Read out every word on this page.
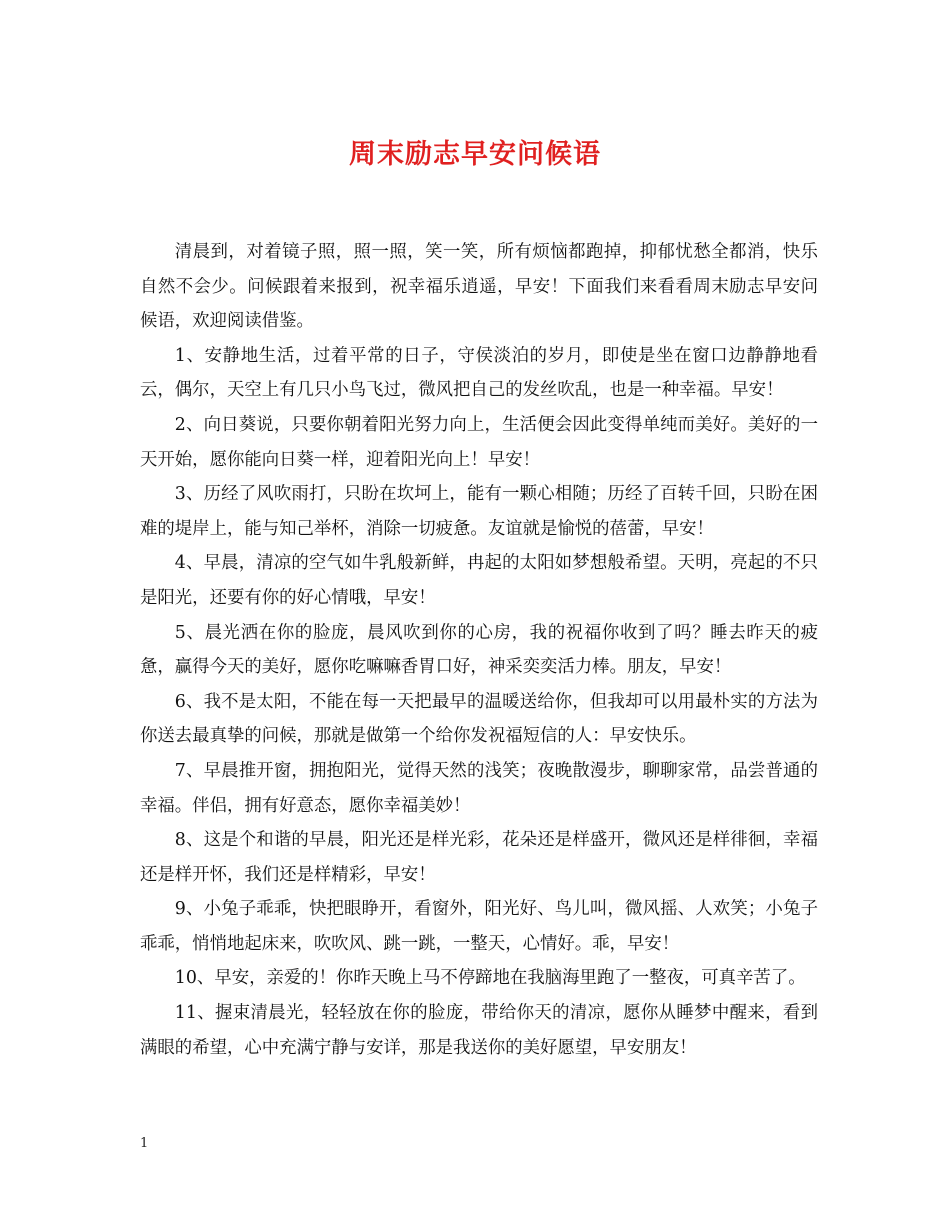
周末励志早安问候语

清晨到，对着镜子照，照一照，笑一笑，所有烦恼都跑掉，抑郁忧愁全都消，快乐自然不会少。问候跟着来报到，祝幸福乐逍遥，早安！下面我们来看看周末励志早安问候语，欢迎阅读借鉴。

1、安静地生活，过着平常的日子，守侯淡泊的岁月，即使是坐在窗口边静静地看云，偶尔，天空上有几只小鸟飞过，微风把自己的发丝吹乱，也是一种幸福。早安！

2、向日葵说，只要你朝着阳光努力向上，生活便会因此变得单纯而美好。美好的一天开始，愿你能向日葵一样，迎着阳光向上！早安！

3、历经了风吹雨打，只盼在坎坷上，能有一颗心相随；历经了百转千回，只盼在困难的堤岸上，能与知己举杯，消除一切疲惫。友谊就是愉悦的蓓蕾，早安！

4、早晨，清凉的空气如牛乳般新鲜，冉起的太阳如梦想般希望。天明，亮起的不只是阳光，还要有你的好心情哦，早安！

5、晨光洒在你的脸庞，晨风吹到你的心房，我的祝福你收到了吗？睡去昨天的疲惫，赢得今天的美好，愿你吃嘛嘛香胃口好，神采奕奕活力棒。朋友，早安！

6、我不是太阳，不能在每一天把最早的温暖送给你，但我却可以用最朴实的方法为你送去最真挚的问候，那就是做第一个给你发祝福短信的人：早安快乐。

7、早晨推开窗，拥抱阳光，觉得天然的浅笑；夜晚散漫步，聊聊家常，品尝普通的幸福。伴侣，拥有好意态，愿你幸福美妙！

8、这是个和谐的早晨，阳光还是样光彩，花朵还是样盛开，微风还是样徘徊，幸福还是样开怀，我们还是样精彩，早安！

9、小兔子乖乖，快把眼睁开，看窗外，阳光好、鸟儿叫，微风摇、人欢笑；小兔子乖乖，悄悄地起床来，吹吹风、跳一跳，一整天，心情好。乖，早安！

10、早安，亲爱的！你昨天晚上马不停蹄地在我脑海里跑了一整夜，可真辛苦了。

11、握束清晨光，轻轻放在你的脸庞，带给你天的清凉，愿你从睡梦中醒来，看到满眼的希望，心中充满宁静与安详，那是我送你的美好愿望，早安朋友！

1
